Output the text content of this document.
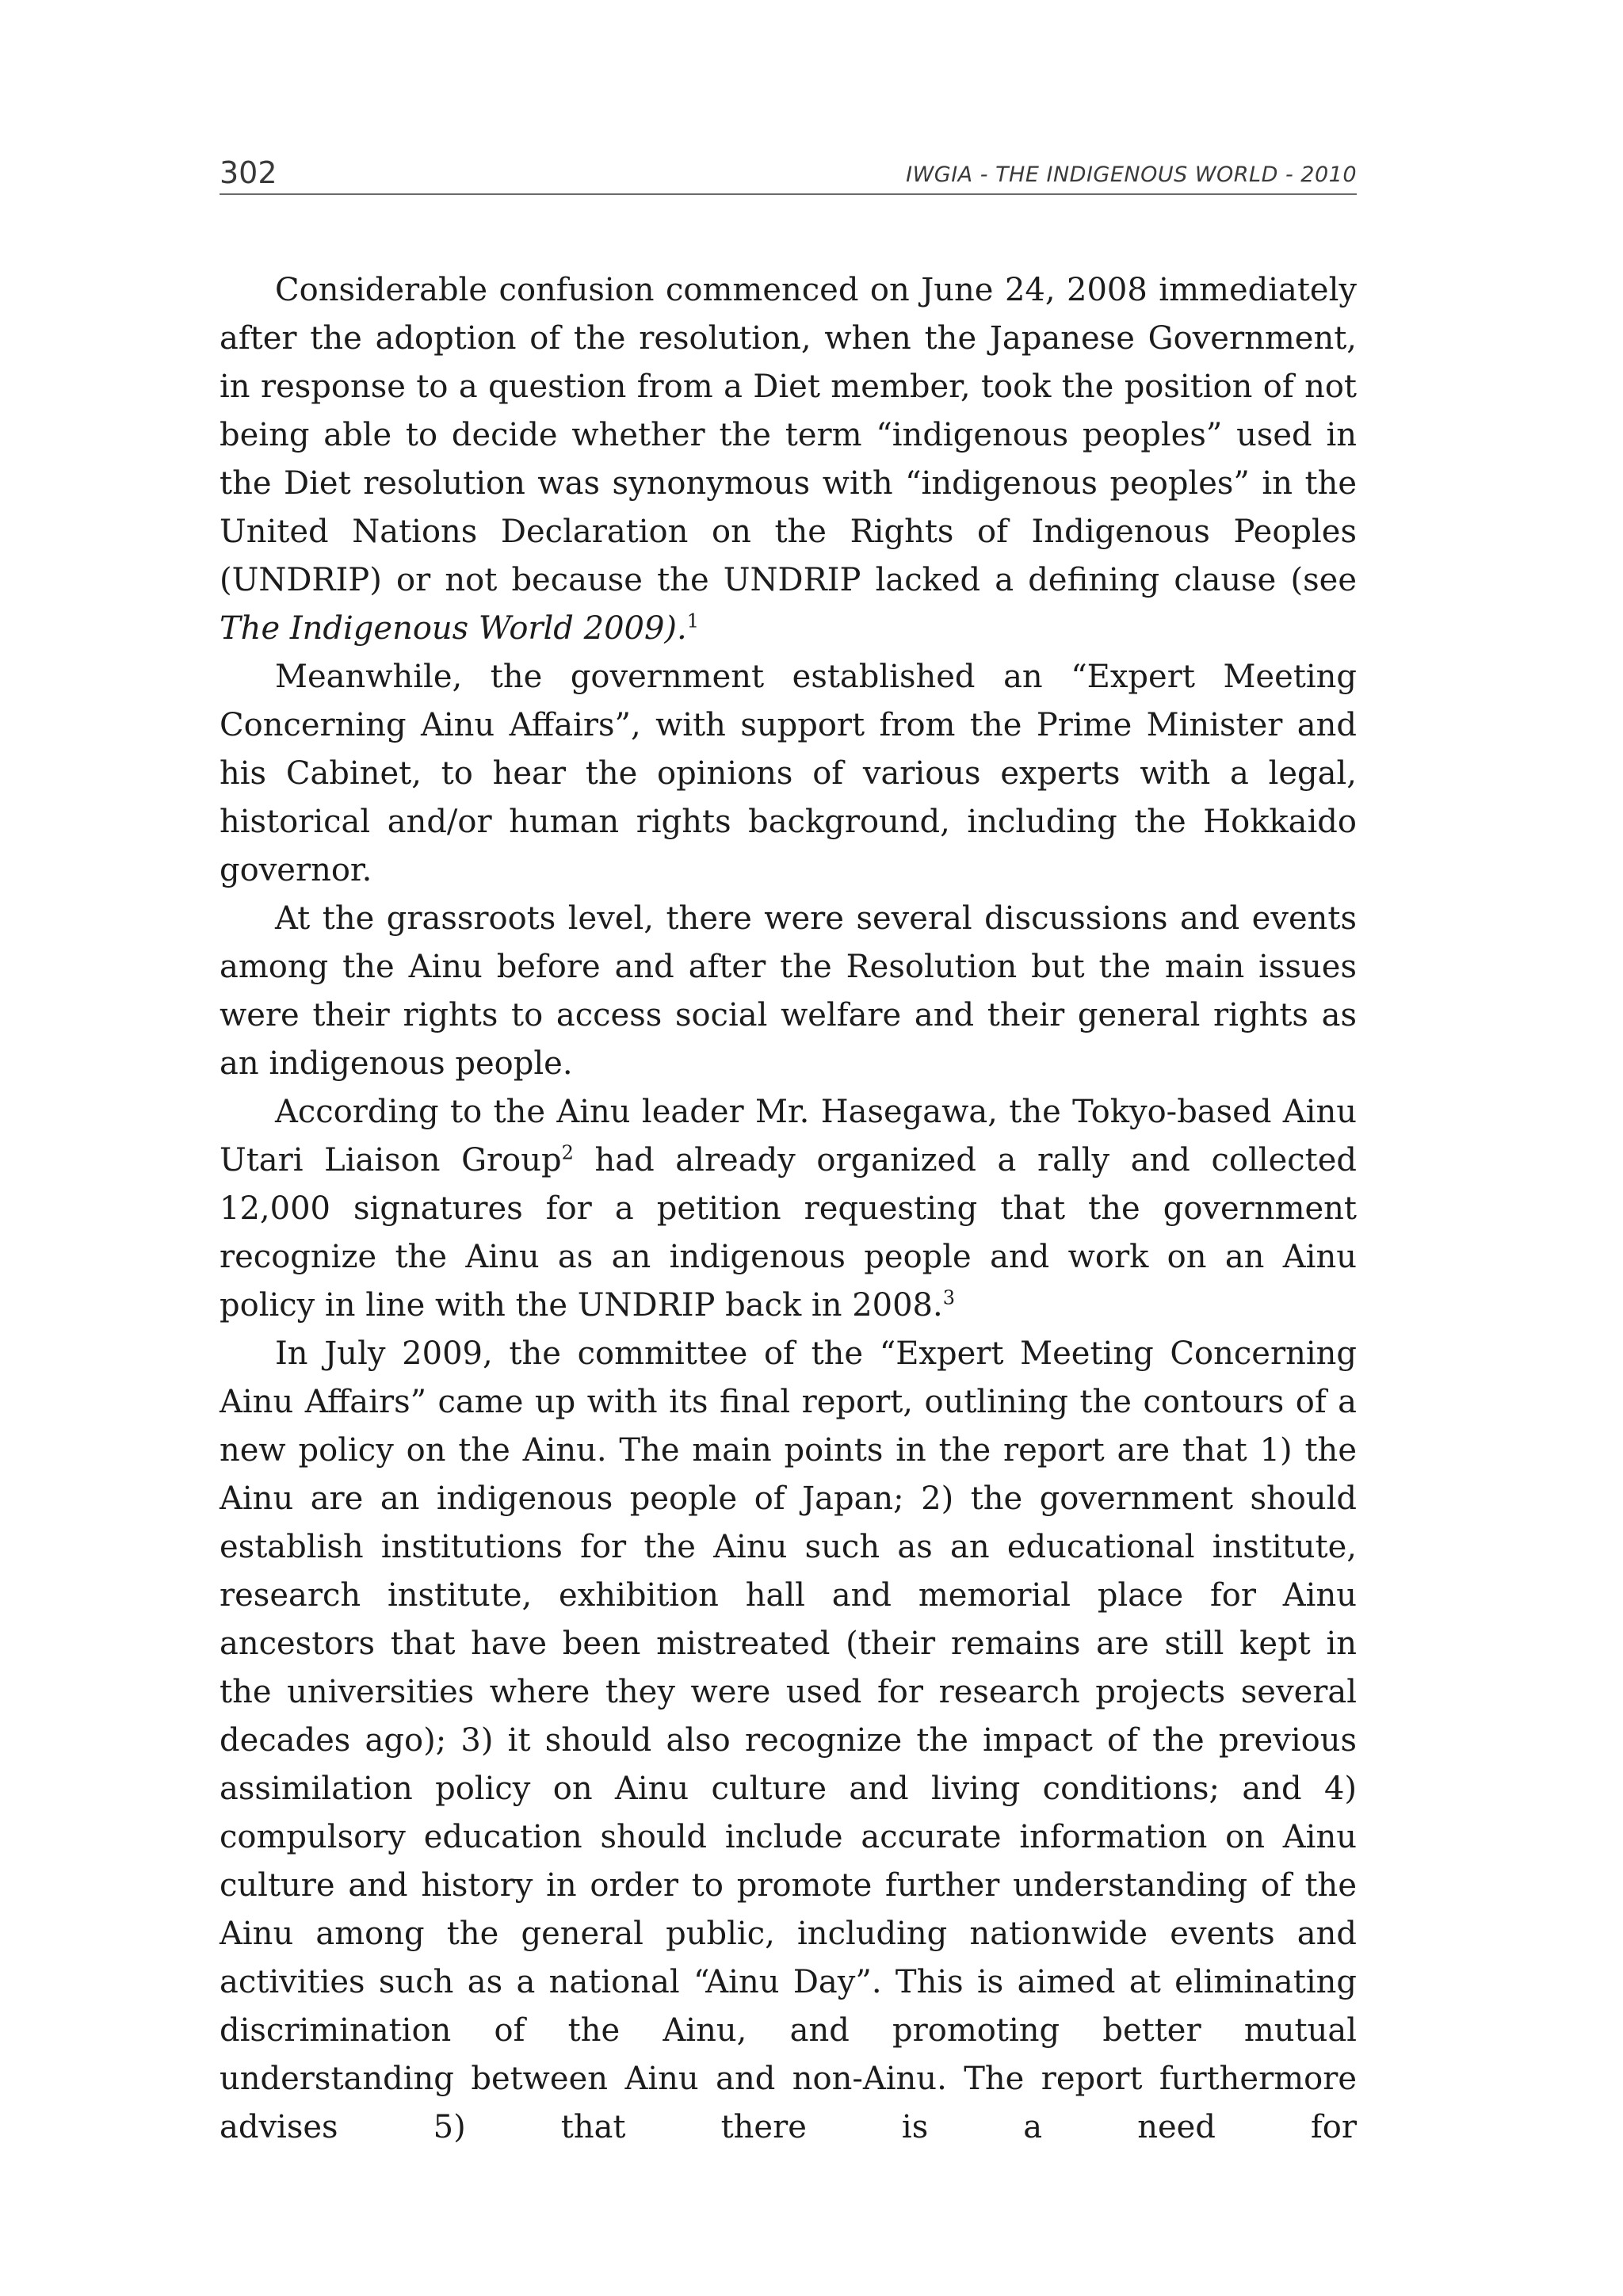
302	IWGIA - THE INDIGENOUS WORLD - 2010

Considerable confusion commenced on June 24, 2008 immediately after the adoption of the resolution, when the Japanese Government, in response to a question from a Diet member, took the position of not being able to decide whether the term “indigenous peoples” used in the Diet resolution was synonymous with “indigenous peoples” in the United Nations Declaration on the Rights of Indigenous Peoples (UNDRIP) or not because the UNDRIP lacked a defining clause (see The Indigenous World 2009).$^1$

Meanwhile, the government established an “Expert Meeting Concerning Ainu Affairs”, with support from the Prime Minister and his Cabinet, to hear the opinions of various experts with a legal, historical and/or human rights background, including the Hokkaido governor.

At the grassroots level, there were several discussions and events among the Ainu before and after the Resolution but the main issues were their rights to access social welfare and their general rights as an indigenous people.

According to the Ainu leader Mr. Hasegawa, the Tokyo-based Ainu Utari Liaison Group$^2$ had already organized a rally and collected 12,000 signatures for a petition requesting that the government recognize the Ainu as an indigenous people and work on an Ainu policy in line with the UNDRIP back in 2008.$^3$

In July 2009, the committee of the “Expert Meeting Concerning Ainu Affairs” came up with its final report, outlining the contours of a new policy on the Ainu. The main points in the report are that 1) the Ainu are an indigenous people of Japan; 2) the government should establish institutions for the Ainu such as an educational institute, research institute, exhibition hall and memorial place for Ainu ancestors that have been mistreated (their remains are still kept in the universities where they were used for research projects several decades ago); 3) it should also recognize the impact of the previous assimilation policy on Ainu culture and living conditions; and 4) compulsory education should include accurate information on Ainu culture and history in order to promote further understanding of the Ainu among the general public, including nationwide events and activities such as a national “Ainu Day”. This is aimed at eliminating discrimination of the Ainu, and promoting better mutual understanding between Ainu and non-Ainu. The report furthermore advises 5) that there is a need for
